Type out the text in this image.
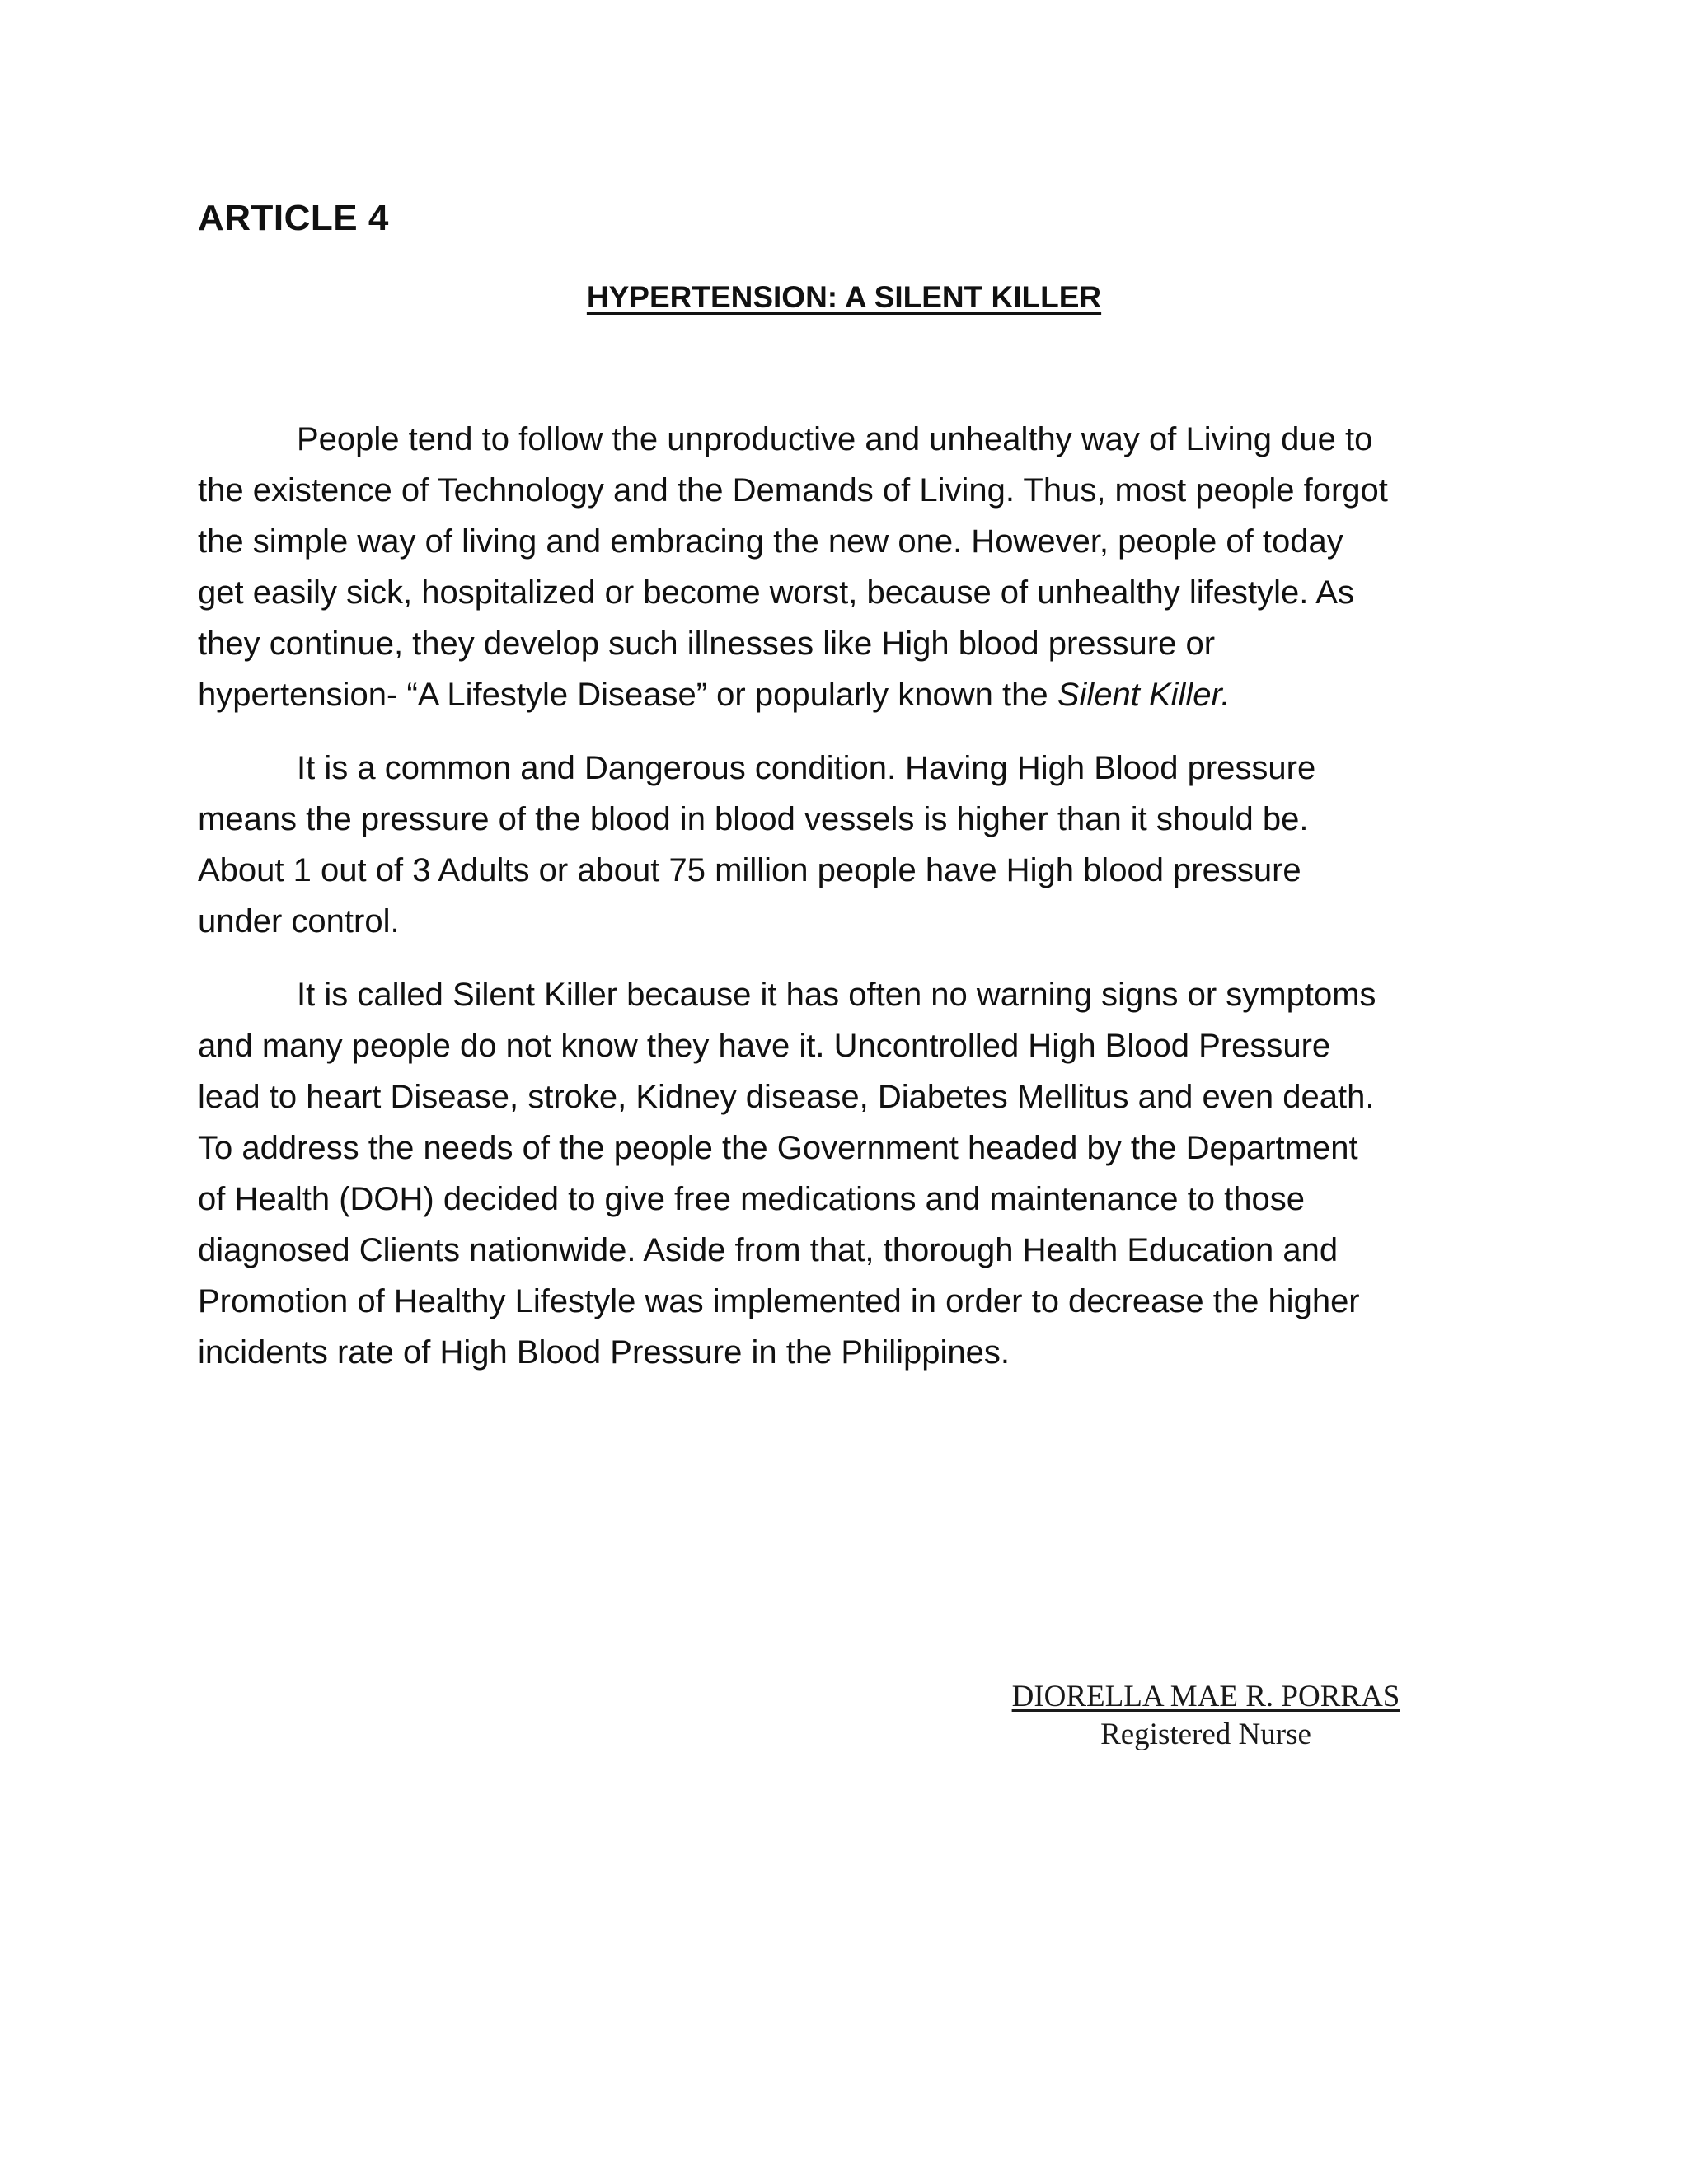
ARTICLE 4
HYPERTENSION: A SILENT KILLER

People tend to follow the unproductive and unhealthy way of Living due to
the existence of Technology and the Demands of Living. Thus, most people forgot
the simple way of living and embracing the new one. However, people of today
get easily sick, hospitalized or become worst, because of unhealthy lifestyle. As
they continue, they develop such illnesses like High blood pressure or
hypertension- “A Lifestyle Disease” or popularly known the Silent Killer.

It is a common and Dangerous condition. Having High Blood pressure
means the pressure of the blood in blood vessels is higher than it should be.
About 1 out of 3 Adults or about 75 million people have High blood pressure
under control.

It is called Silent Killer because it has often no warning signs or symptoms
and many people do not know they have it. Uncontrolled High Blood Pressure
lead to heart Disease, stroke, Kidney disease, Diabetes Mellitus and even death.
To address the needs of the people the Government headed by the Department
of Health (DOH) decided to give free medications and maintenance to those
diagnosed Clients nationwide. Aside from that, thorough Health Education and
Promotion of Healthy Lifestyle was implemented in order to decrease the higher
incidents rate of High Blood Pressure in the Philippines.

DIORELLA MAE R. PORRAS
Registered Nurse
